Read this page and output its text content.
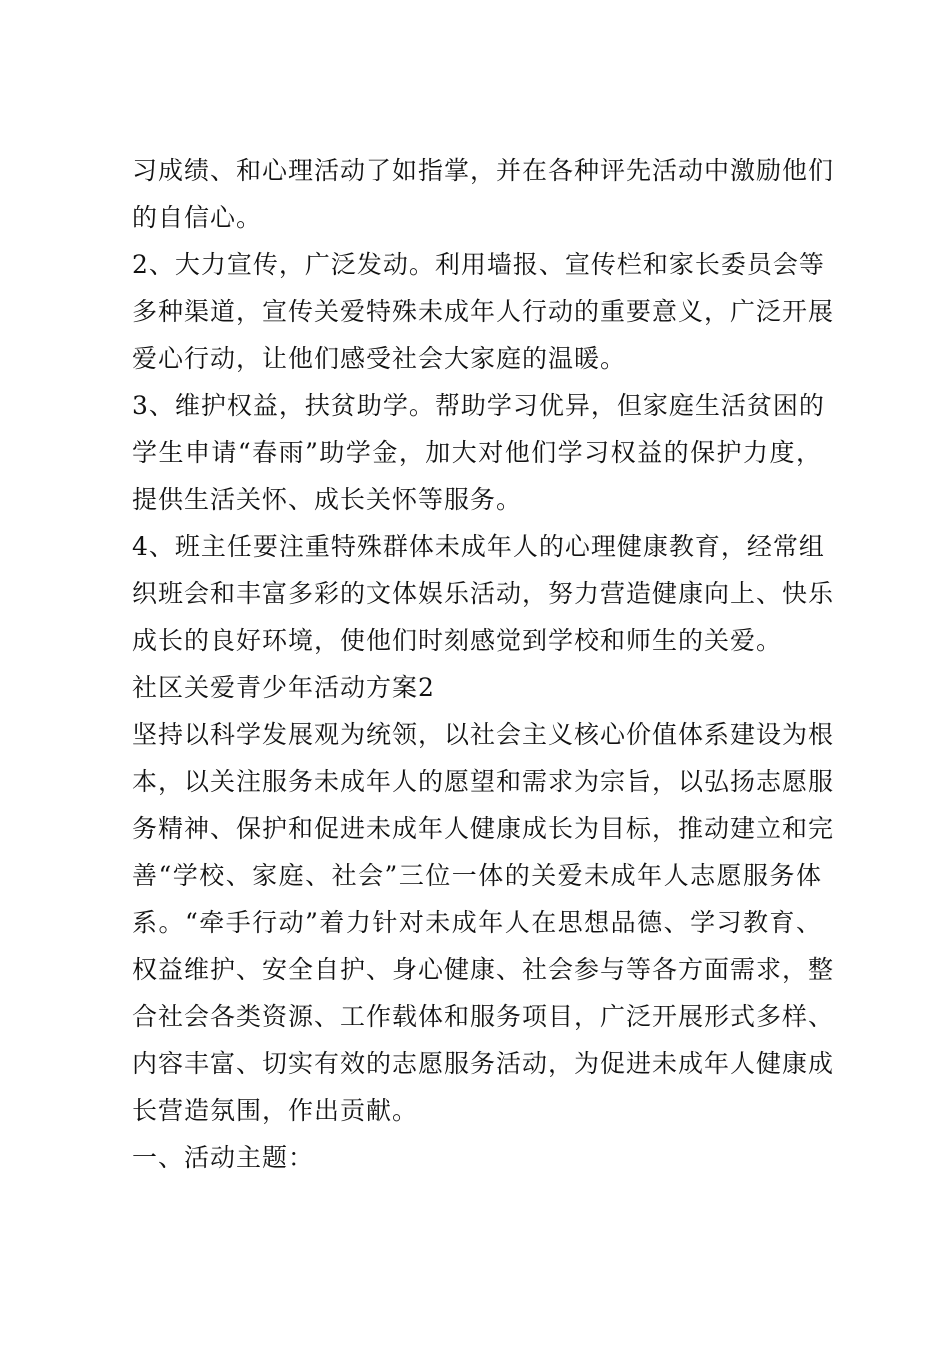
习成绩、和心理活动了如指掌，并在各种评先活动中激励他们
的自信心。
2、大力宣传，广泛发动。利用墙报、宣传栏和家长委员会等
多种渠道，宣传关爱特殊未成年人行动的重要意义，广泛开展
爱心行动，让他们感受社会大家庭的温暖。
3、维护权益，扶贫助学。帮助学习优异，但家庭生活贫困的
学生申请“春雨”助学金，加大对他们学习权益的保护力度，
提供生活关怀、成长关怀等服务。
4、班主任要注重特殊群体未成年人的心理健康教育，经常组
织班会和丰富多彩的文体娱乐活动，努力营造健康向上、快乐
成长的良好环境，使他们时刻感觉到学校和师生的关爱。
社区关爱青少年活动方案2
坚持以科学发展观为统领，以社会主义核心价值体系建设为根
本，以关注服务未成年人的愿望和需求为宗旨，以弘扬志愿服
务精神、保护和促进未成年人健康成长为目标，推动建立和完
善“学校、家庭、社会”三位一体的关爱未成年人志愿服务体
系。“牵手行动”着力针对未成年人在思想品德、学习教育、
权益维护、安全自护、身心健康、社会参与等各方面需求，整
合社会各类资源、工作载体和服务项目，广泛开展形式多样、
内容丰富、切实有效的志愿服务活动，为促进未成年人健康成
长营造氛围，作出贡献。
一、活动主题：
